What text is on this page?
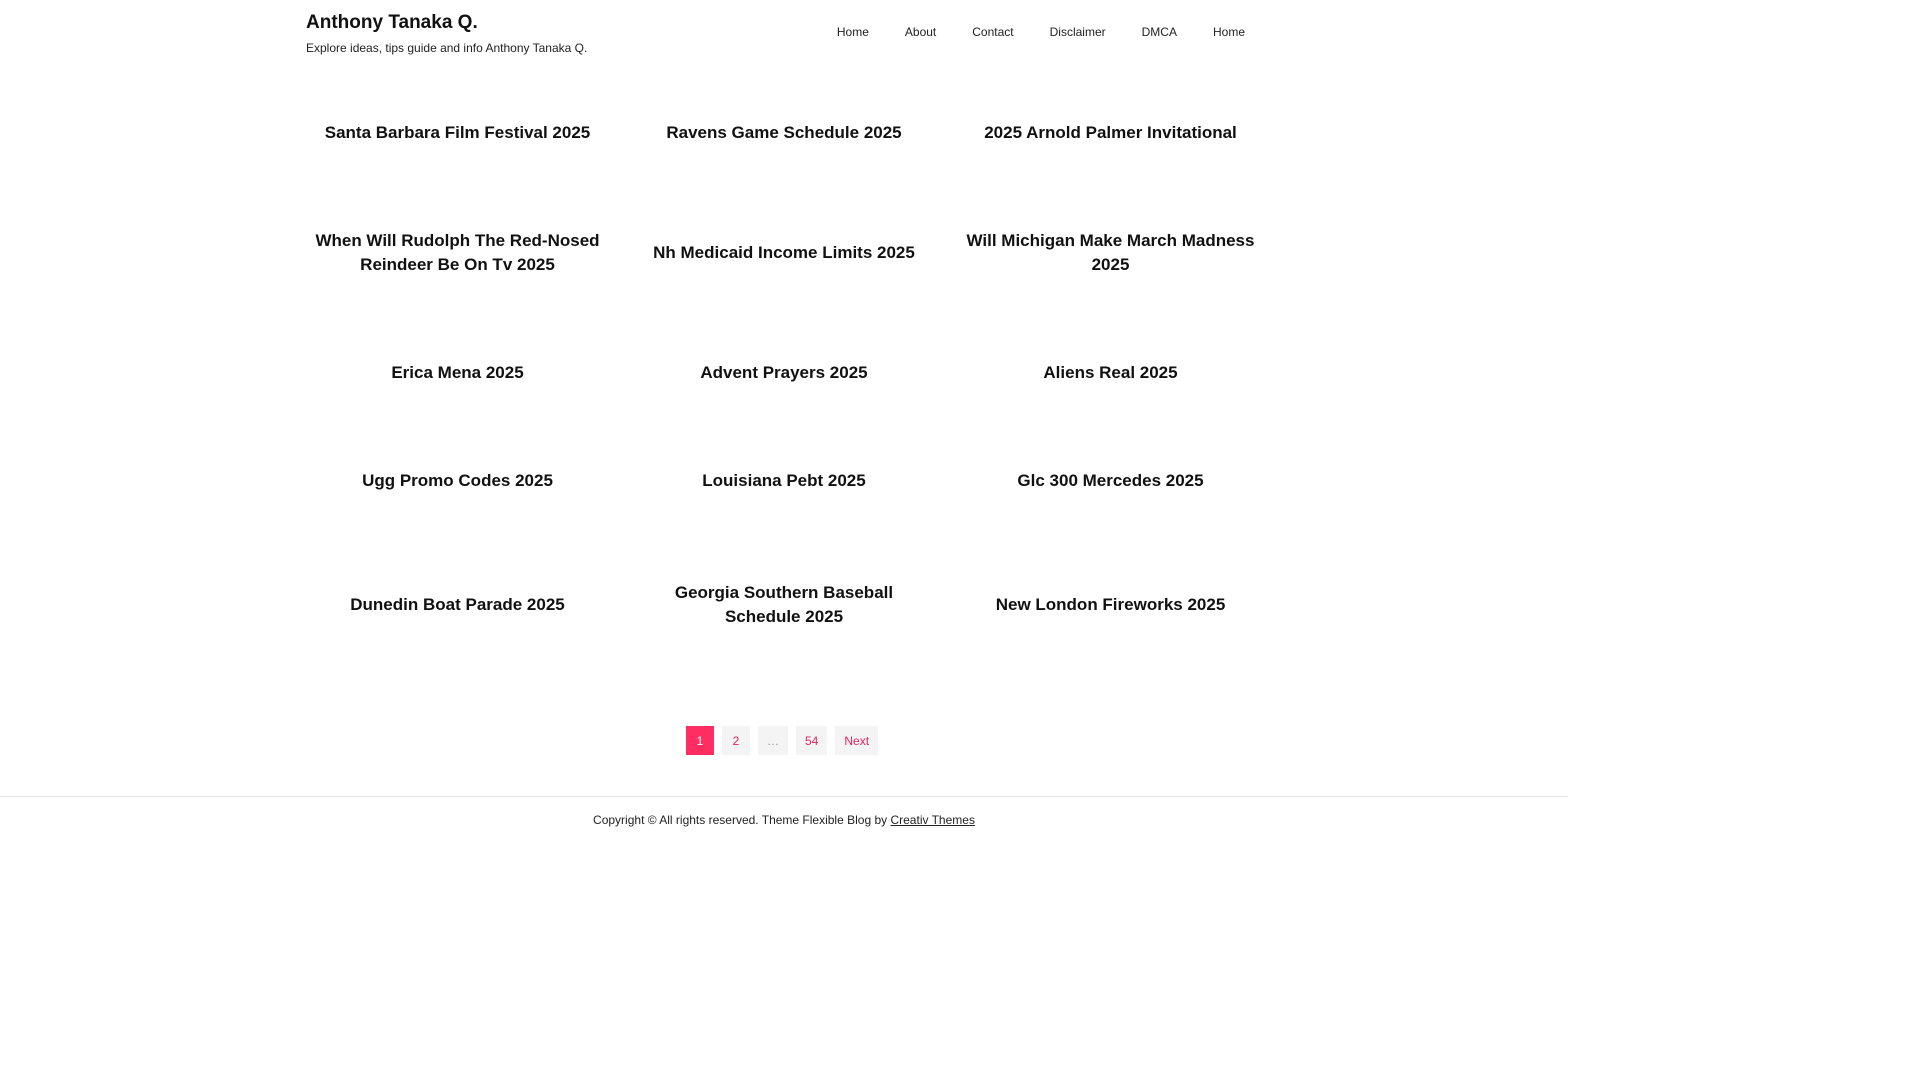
Anthony Tanaka Q.

Explore ideas, tips guide and info Anthony Tanaka Q.

Home	About	Contact	Disclaimer	DMCA	Home
Santa Barbara Film Festival 2025	Ravens Game Schedule 2025	2025 Arnold Palmer Invitational
When Will Rudolph The Red-Nosed Reindeer Be On Tv 2025
Nh Medicaid Income Limits 2025
Will Michigan Make March Madness 2025
Erica Mena 2025	Advent Prayers 2025	Aliens Real 2025
Ugg Promo Codes 2025	Louisiana Pebt 2025	Glc 300 Mercedes 2025
Dunedin Boat Parade 2025
Georgia Southern Baseball Schedule 2025
New London Fireworks 2025
1	2	…	54	Next

Copyright © All rights reserved. Theme Flexible Blog by Creativ Themes
